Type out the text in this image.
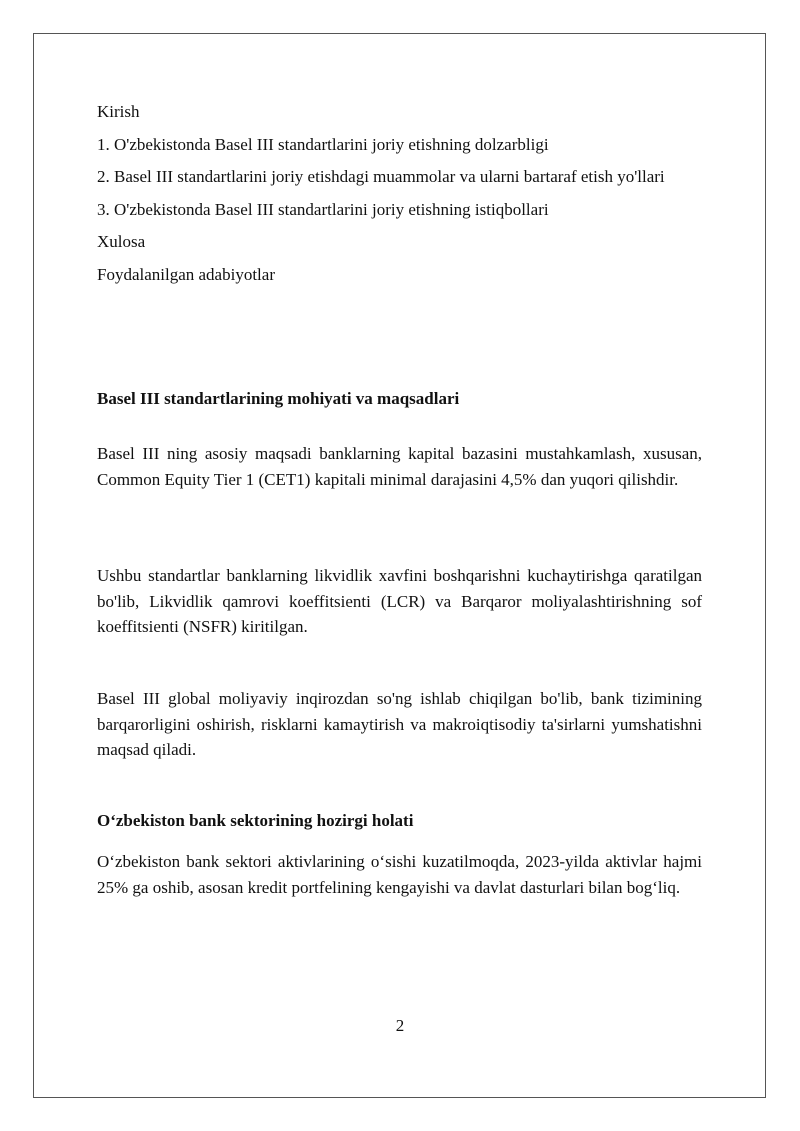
Kirish
1. O'zbekistonda Basel III standartlarini joriy etishning dolzarbligi
2. Basel III standartlarini joriy etishdagi muammolar va ularni bartaraf etish yo'llari
3. O'zbekistonda Basel III standartlarini joriy etishning istiqbollari
Xulosa
Foydalanilgan adabiyotlar
Basel III standartlarining mohiyati va maqsadlari
Basel III ning asosiy maqsadi banklarning kapital bazasini mustahkamlash, xususan, Common Equity Tier 1 (CET1) kapitali minimal darajasini 4,5% dan yuqori qilishdir.
Ushbu standartlar banklarning likvidlik xavfini boshqarishni kuchaytirishga qaratilgan bo'lib, Likvidlik qamrovi koeffitsienti (LCR) va Barqaror moliyalashtirishning sof koeffitsienti (NSFR) kiritilgan.
Basel III global moliyaviy inqirozdan so'ng ishlab chiqilgan bo'lib, bank tizimining barqarorligini oshirish, risklarni kamaytirish va makroiqtisodiy ta'sirlarni yumshatishni maqsad qiladi.
O‘zbekiston bank sektorining hozirgi holati
O‘zbekiston bank sektori aktivlarining o‘sishi kuzatilmoqda, 2023-yilda aktivlar hajmi 25% ga oshib, asosan kredit portfelining kengayishi va davlat dasturlari bilan bog‘liq.
2
